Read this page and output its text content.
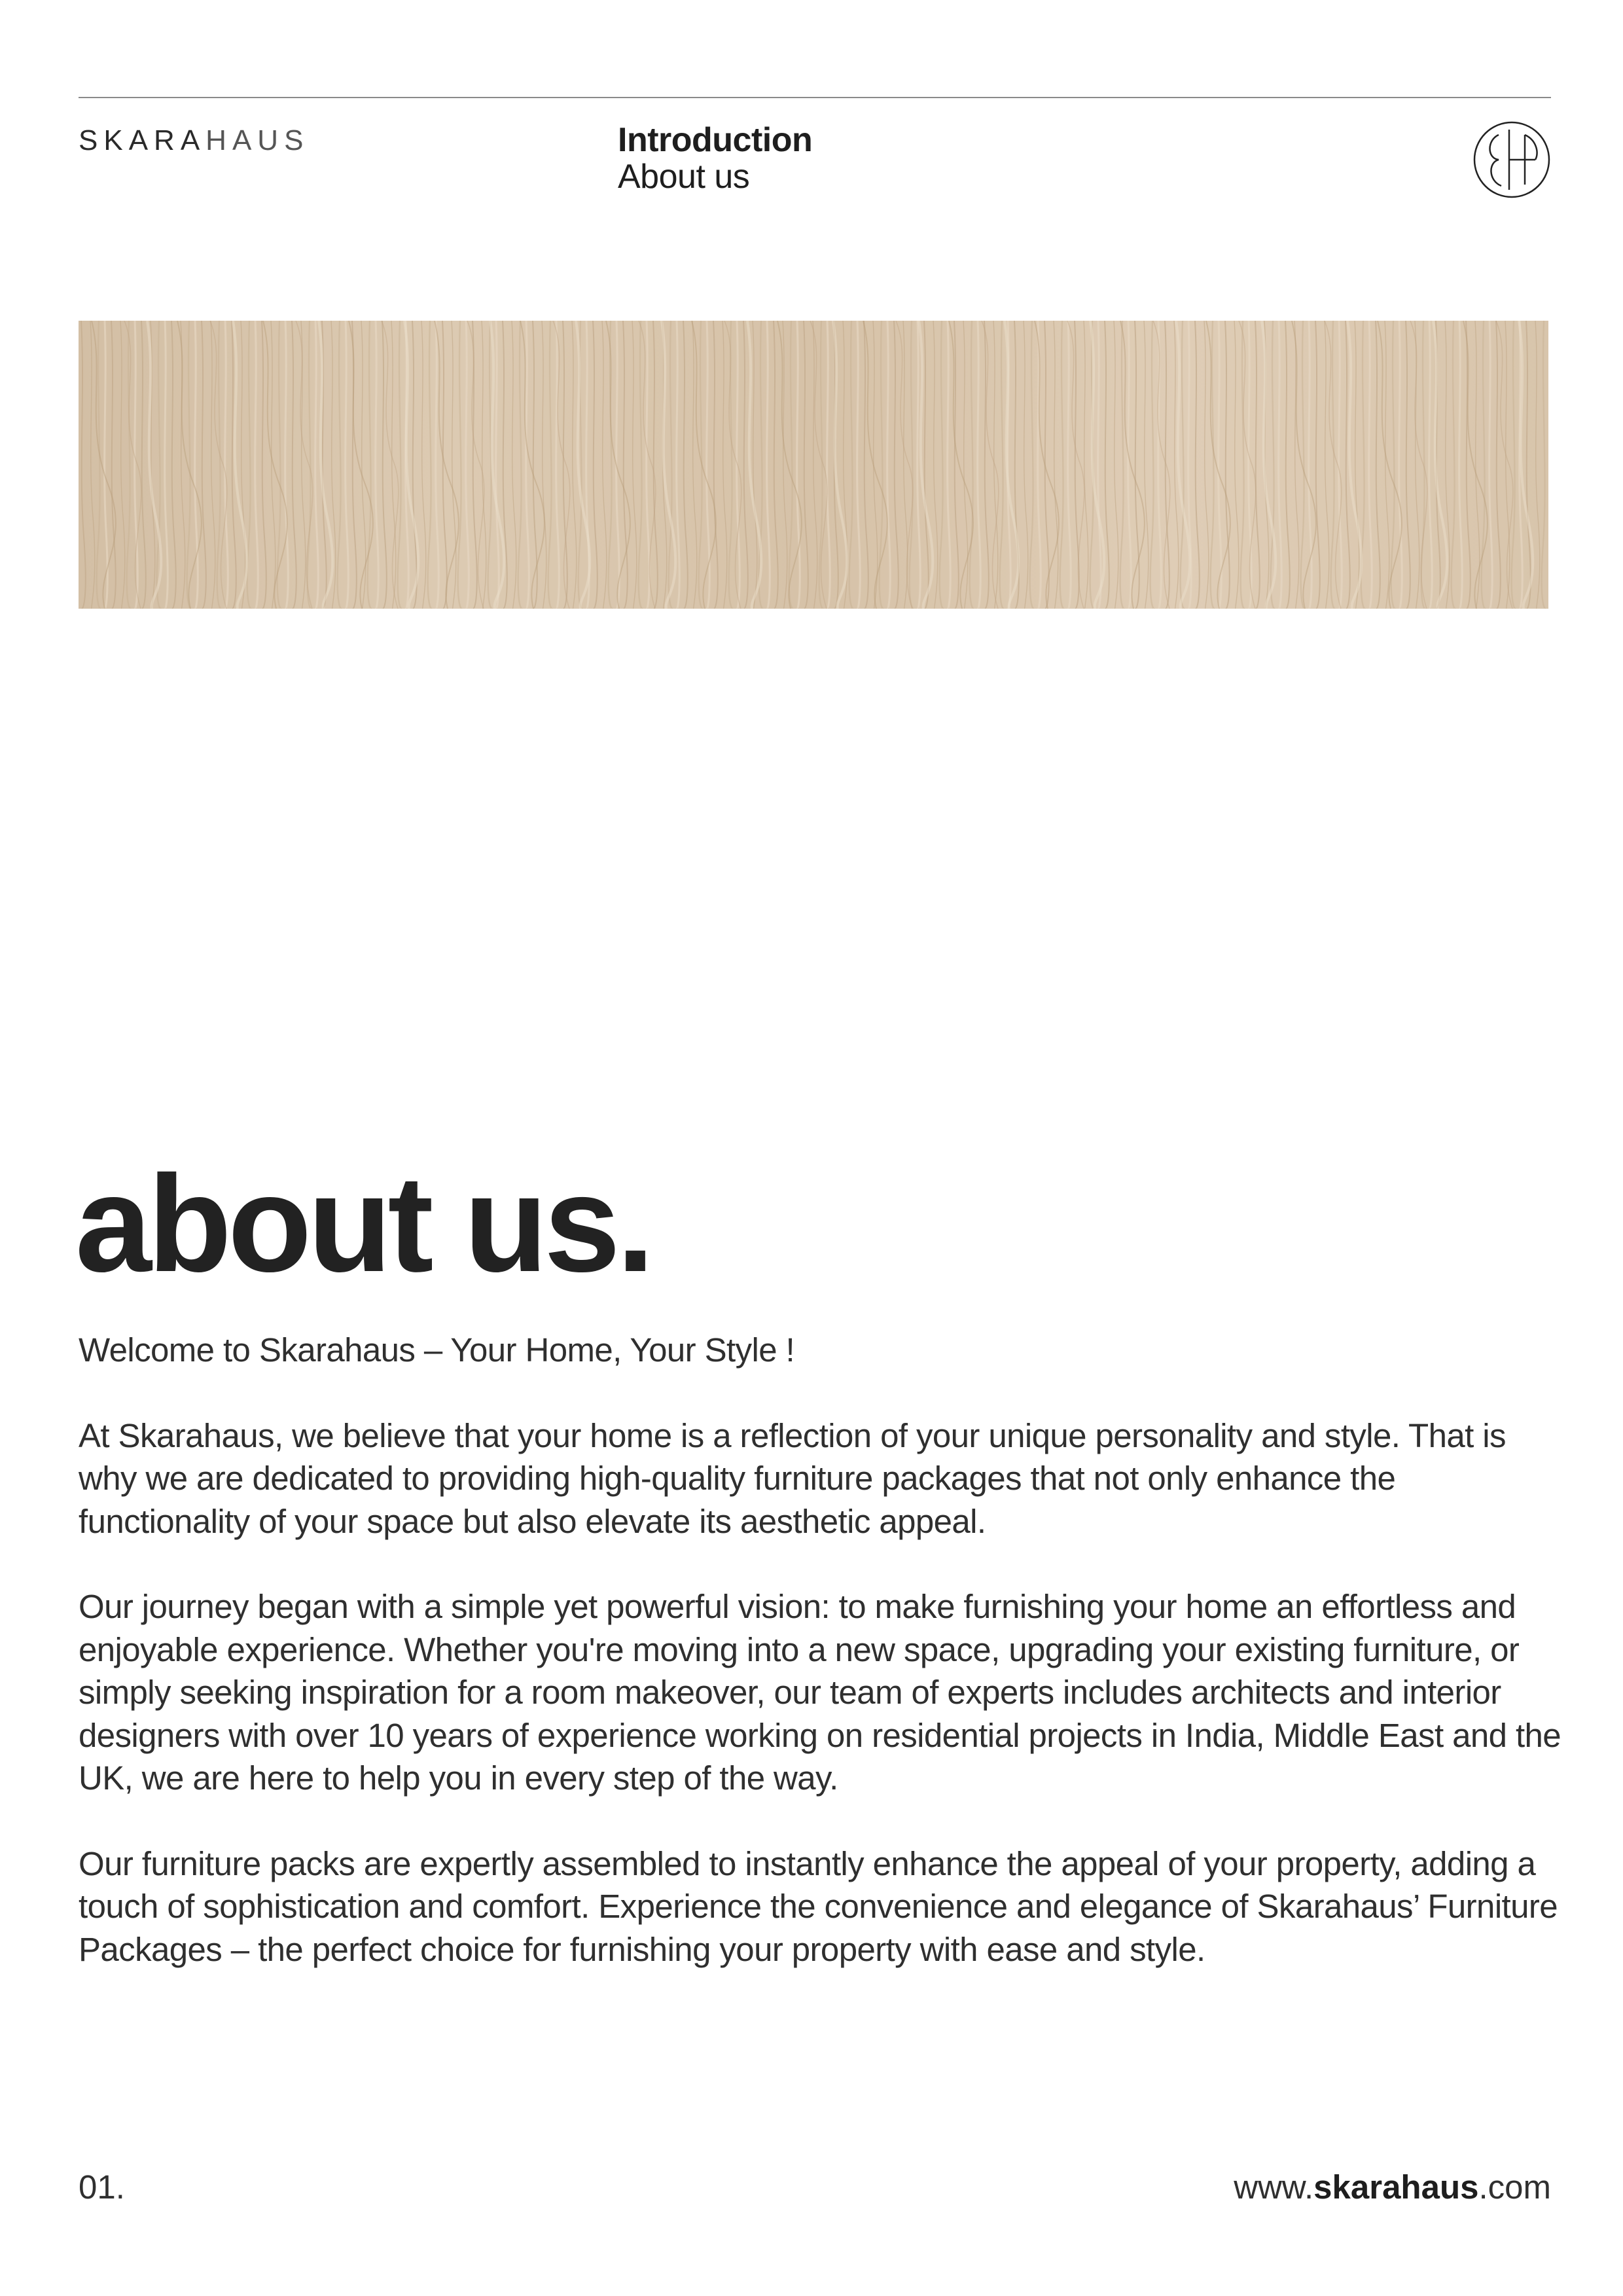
SKARAHAUS	Introduction
About us
about us.

Welcome to Skarahaus – Your Home, Your Style !

At Skarahaus, we believe that your home is a reflection of your unique personality and style. That is why we are dedicated to providing high-quality furniture packages that not only enhance the functionality of your space but also elevate its aesthetic appeal.

Our journey began with a simple yet powerful vision: to make furnishing your home an effortless and enjoyable experience. Whether you're moving into a new space, upgrading your existing furniture, or simply seeking inspiration for a room makeover, our team of experts includes architects and interior designers with over 10 years of experience working on residential projects in India, Middle East and the UK, we are here to help you in every step of the way.

Our furniture packs are expertly assembled to instantly enhance the appeal of your property, adding a touch of sophistication and comfort. Experience the convenience and elegance of Skarahaus’ Furniture Packages – the perfect choice for furnishing your property with ease and style.

01.	www.skarahaus.com
